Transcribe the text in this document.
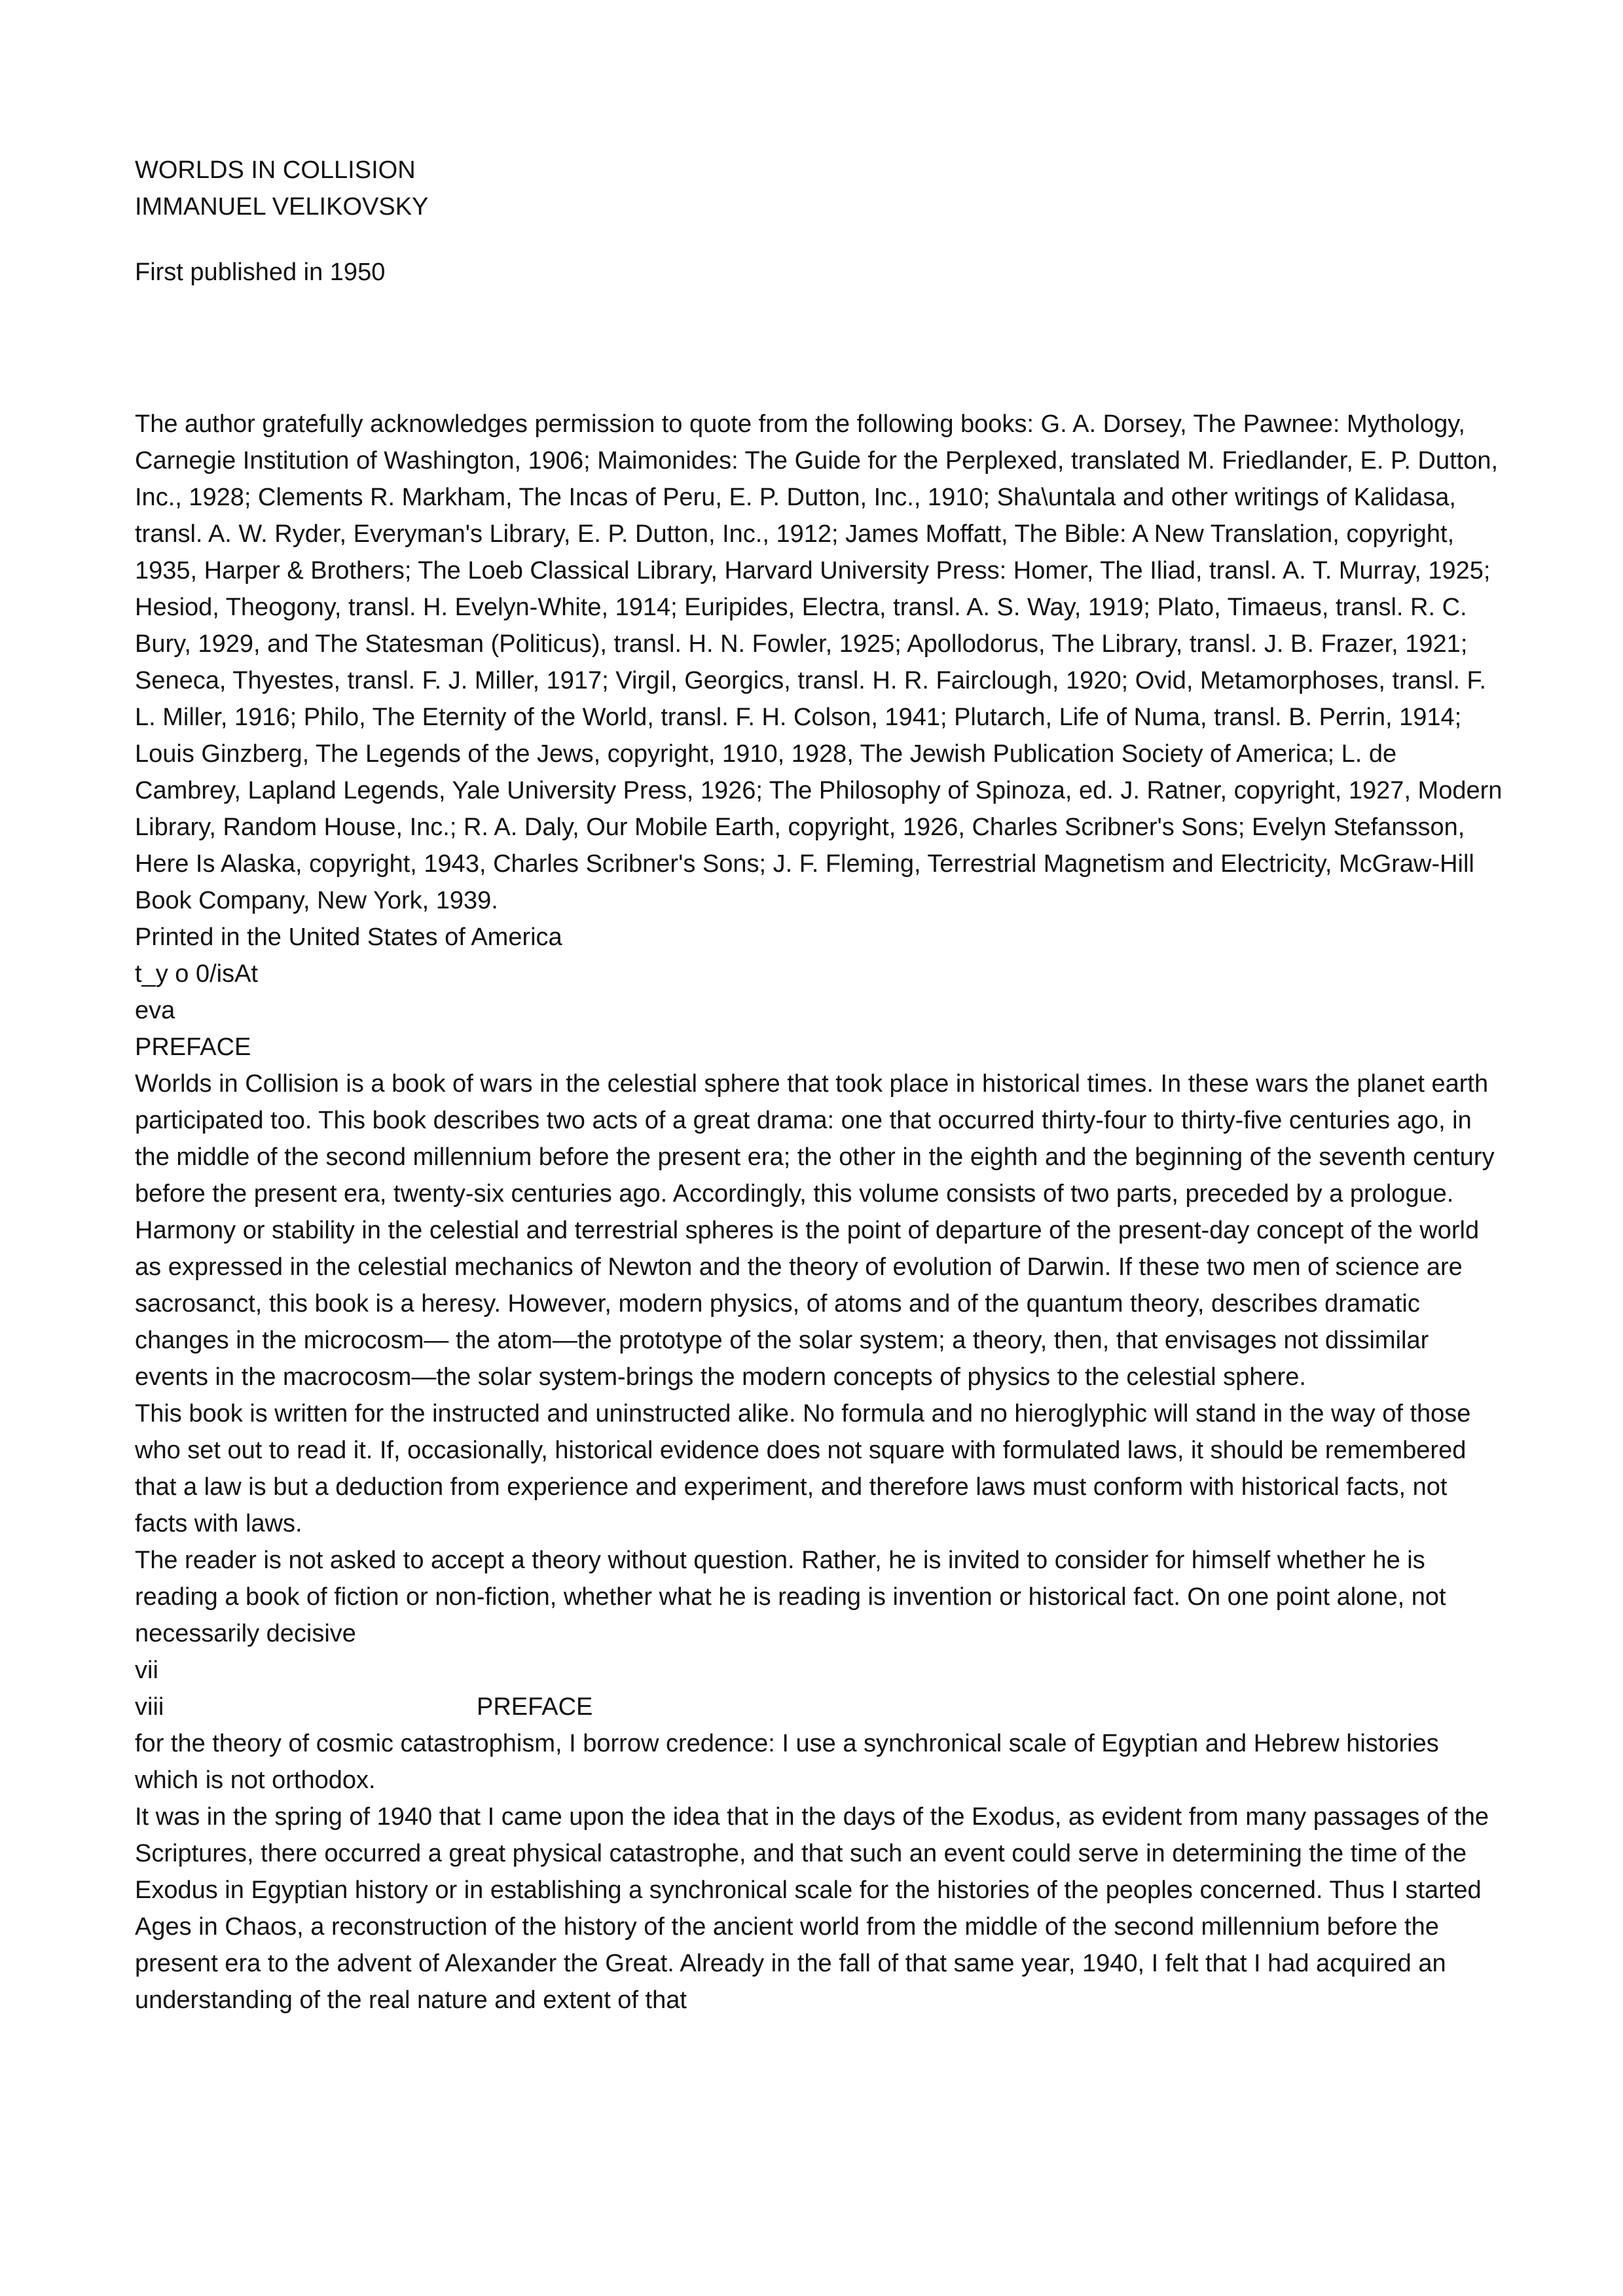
WORLDS IN COLLISION
IMMANUEL VELIKOVSKY
First published in 1950

The author gratefully acknowledges permission to quote from the following books: G. A. Dorsey, The Pawnee: Mythology, Carnegie Institution of Washington, 1906; Maimonides: The Guide for the Perplexed, translated M. Friedlander, E. P. Dutton, Inc., 1928; Clements R. Markham, The Incas of Peru, E. P. Dutton, Inc., 1910; Sha\untala and other writings of Kalidasa, transl. A. W. Ryder, Everyman's Library, E. P. Dutton, Inc., 1912; James Moffatt, The Bible: A New Translation, copyright, 1935, Harper & Brothers; The Loeb Classical Library, Harvard University Press: Homer, The Iliad, transl. A. T. Murray, 1925; Hesiod, Theogony, transl. H. Evelyn-White, 1914; Euripides, Electra, transl. A. S. Way, 1919; Plato, Timaeus, transl. R. C. Bury, 1929, and The Statesman (Politicus), transl. H. N. Fowler, 1925; Apollodorus, The Library, transl. J. B. Frazer, 1921; Seneca, Thyestes, transl. F. J. Miller, 1917; Virgil, Georgics, transl. H. R. Fairclough, 1920; Ovid, Metamorphoses, transl. F. L. Miller, 1916; Philo, The Eternity of the World, transl. F. H. Colson, 1941; Plutarch, Life of Numa, transl. B. Perrin, 1914; Louis Ginzberg, The Legends of the Jews, copyright, 1910, 1928, The Jewish Publication Society of America; L. de Cambrey, Lapland Legends, Yale University Press, 1926; The Philosophy of Spinoza, ed. J. Ratner, copyright, 1927, Modern Library, Random House, Inc.; R. A. Daly, Our Mobile Earth, copyright, 1926, Charles Scribner's Sons; Evelyn Stefansson, Here Is Alaska, copyright, 1943, Charles Scribner's Sons; J. F. Fleming, Terrestrial Magnetism and Electricity, McGraw-Hill Book Company, New York, 1939.

Printed in the United States of America
t_y o 0/isAt
eva
PREFACE

Worlds in Collision is a book of wars in the celestial sphere that took place in historical times. In these wars the planet earth participated too. This book describes two acts of a great drama: one that occurred thirty-four to thirty-five centuries ago, in the middle of the second millennium before the present era; the other in the eighth and the beginning of the seventh century before the present era, twenty-six centuries ago. Accordingly, this volume consists of two parts, preceded by a prologue.

Harmony or stability in the celestial and terrestrial spheres is the point of departure of the present-day concept of the world as expressed in the celestial mechanics of Newton and the theory of evolution of Darwin. If these two men of science are sacrosanct, this book is a heresy. However, modern physics, of atoms and of the quantum theory, describes dramatic changes in the microcosm— the atom—the prototype of the solar system; a theory, then, that envisages not dissimilar events in the macrocosm—the solar system-brings the modern concepts of physics to the celestial sphere.

This book is written for the instructed and uninstructed alike. No formula and no hieroglyphic will stand in the way of those who set out to read it. If, occasionally, historical evidence does not square with formulated laws, it should be remembered that a law is but a deduction from experience and experiment, and therefore laws must conform with historical facts, not facts with laws.

The reader is not asked to accept a theory without question. Rather, he is invited to consider for himself whether he is reading a book of fiction or non-fiction, whether what he is reading is invention or historical fact. On one point alone, not necessarily decisive

vii
viii	PREFACE

for the theory of cosmic catastrophism, I borrow credence: I use a synchronical scale of Egyptian and Hebrew histories which is not orthodox.

It was in the spring of 1940 that I came upon the idea that in the days of the Exodus, as evident from many passages of the Scriptures, there occurred a great physical catastrophe, and that such an event could serve in determining the time of the Exodus in Egyptian history or in establishing a synchronical scale for the histories of the peoples concerned. Thus I started Ages in Chaos, a reconstruction of the history of the ancient world from the middle of the second millennium before the present era to the advent of Alexander the Great. Already in the fall of that same year, 1940, I felt that I had acquired an understanding of the real nature and extent of that
